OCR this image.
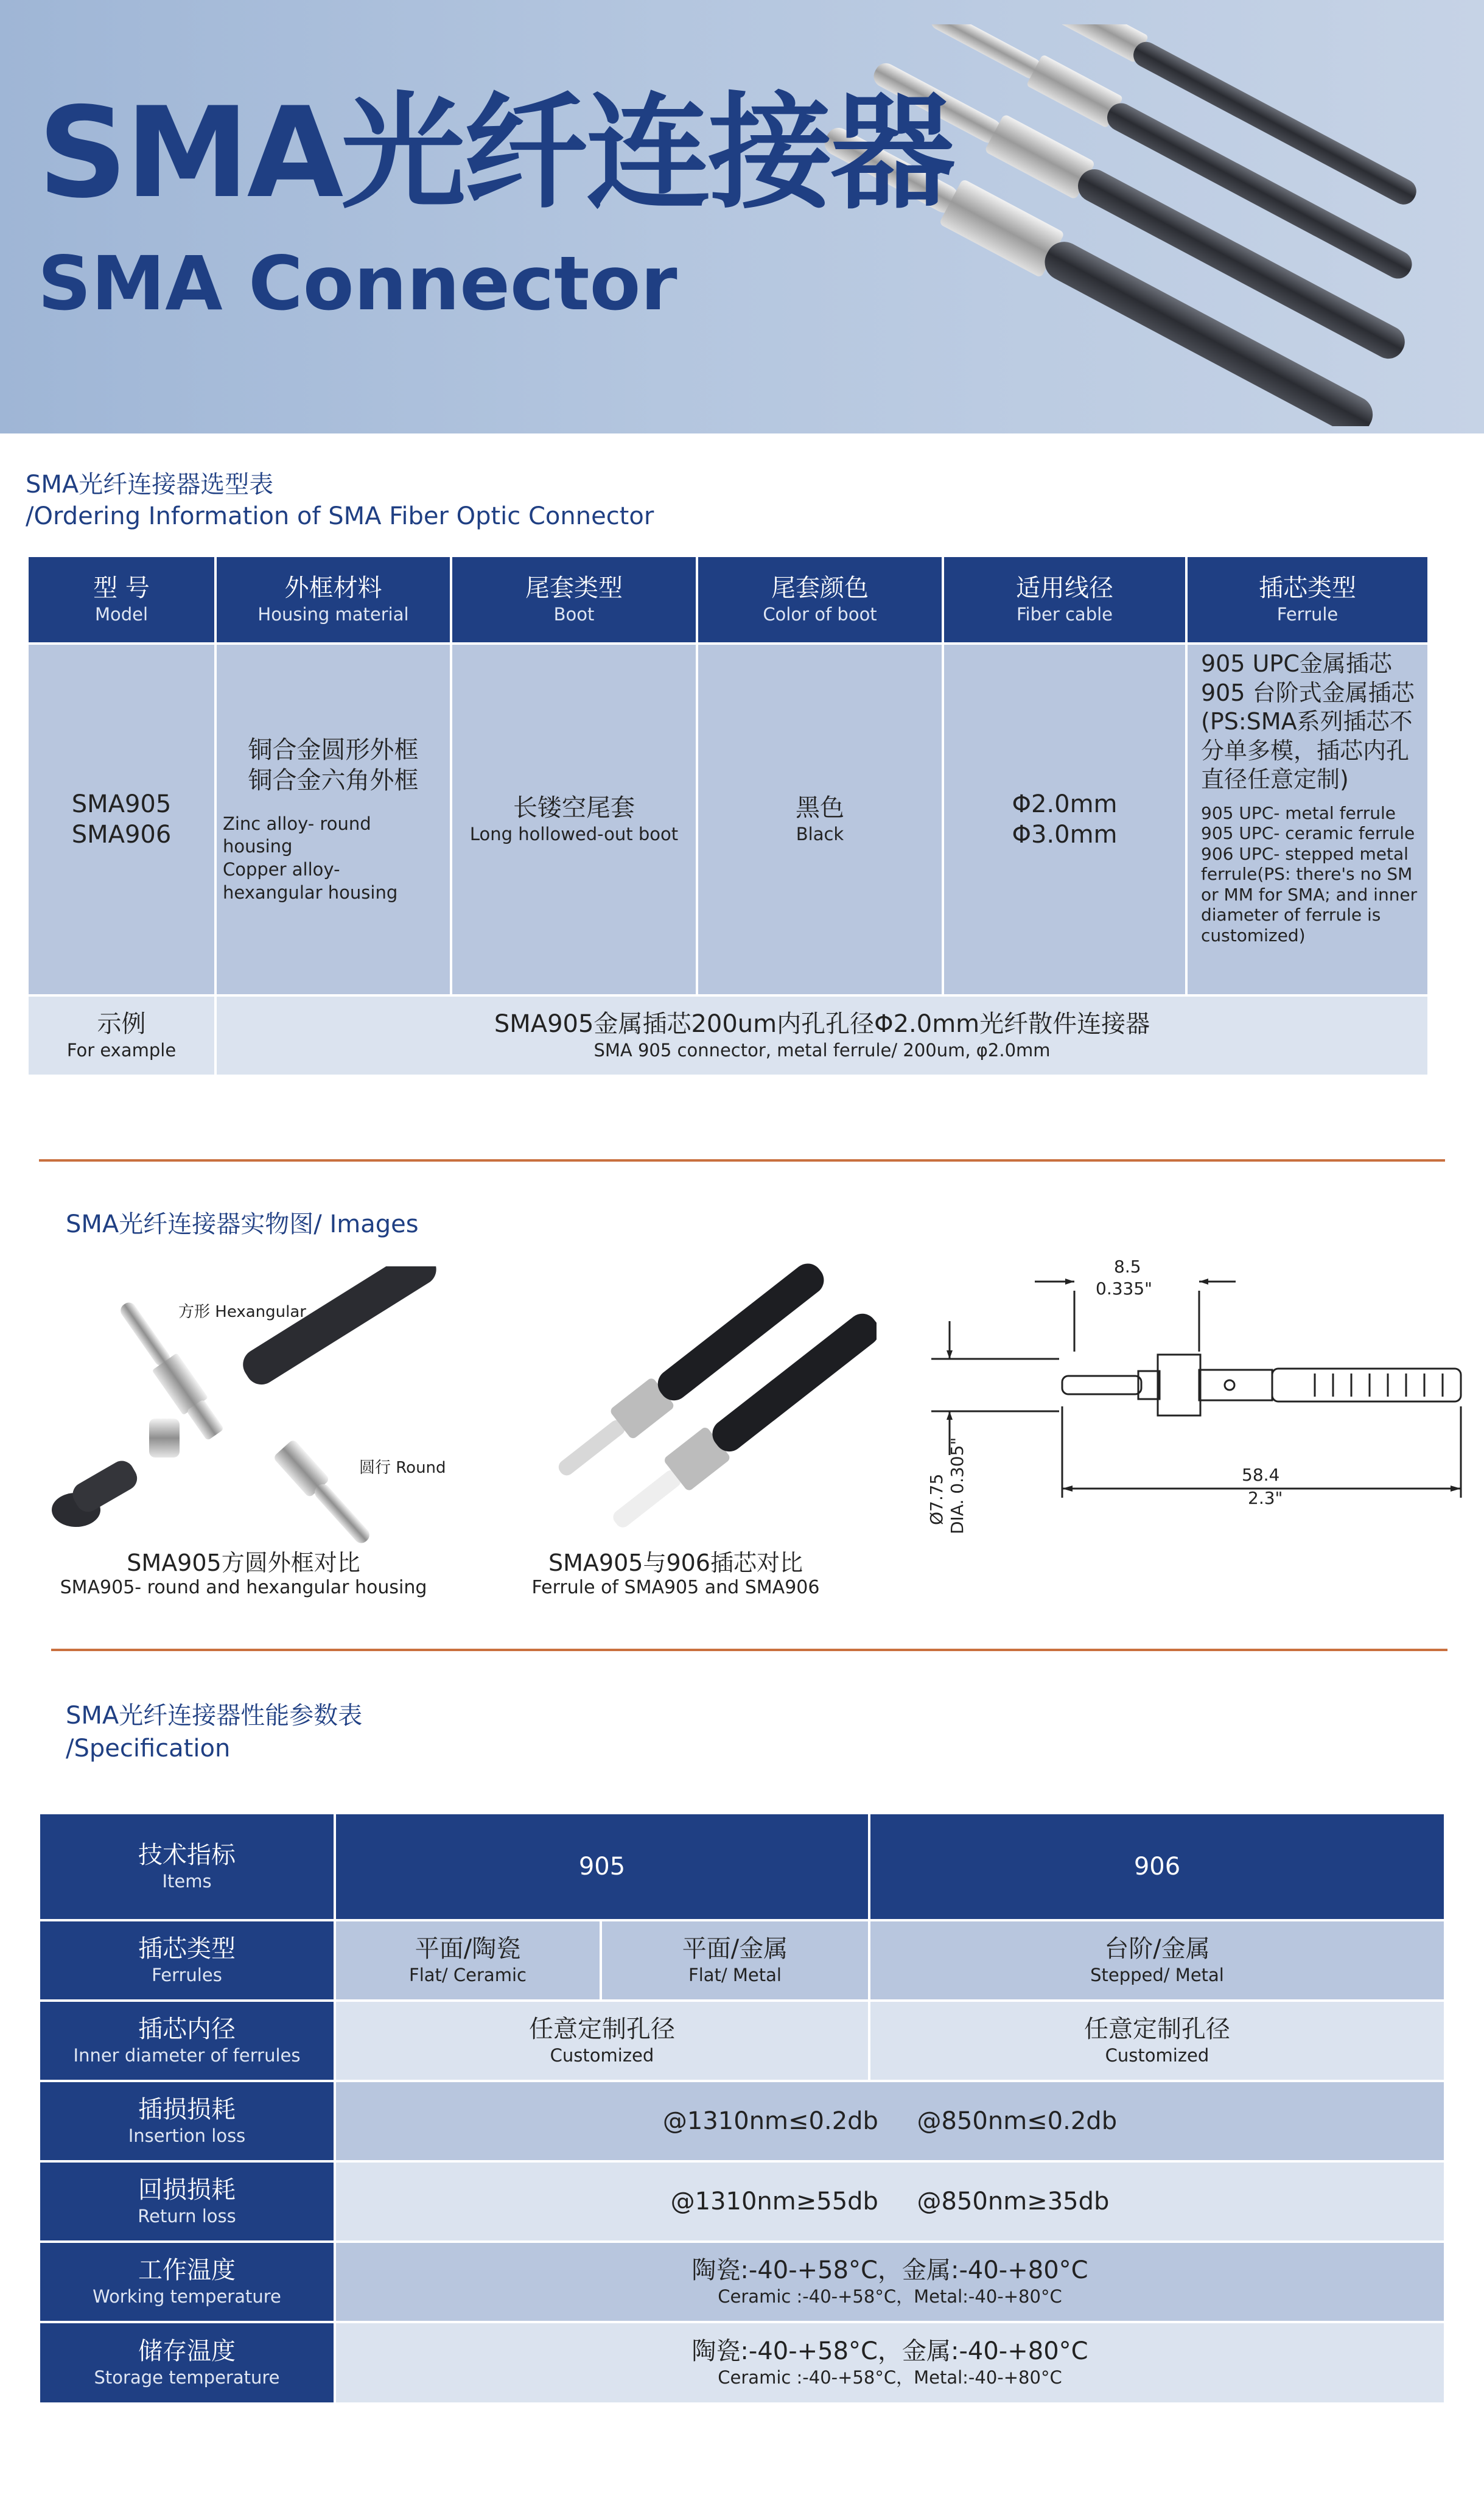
SMA光纤连接器
SMA Connector
SMA光纤连接器选型表
/Ordering Information of SMA Fiber Optic Connector
型 号
Model
外框材料
Housing material
尾套类型
Boot
尾套颜色
Color of boot
适用线径
Fiber cable
插芯类型
Ferrule
SMA905
SMA906
铜合金圆形外框
铜合金六角外框
Zinc alloy- round housing
Copper alloy- hexangular housing
长镂空尾套
Long hollowed-out boot
黑色
Black
Φ2.0mm
Φ3.0mm
905 UPC金属插芯
905 台阶式金属插芯
(PS:SMA系列插芯不分单多模，插芯内孔直径任意定制)
905 UPC- metal ferrule
905 UPC- ceramic ferrule
906 UPC- stepped metal ferrule(PS: there's no SM or MM for SMA; and inner diameter of ferrule is customized)
示例
For example
SMA905金属插芯200um内孔孔径Φ2.0mm光纤散件连接器
SMA 905 connector, metal ferrule/ 200um, φ2.0mm
SMA光纤连接器实物图/ Images
方形 Hexangular
圆行 Round
SMA905方圆外框对比
SMA905- round and hexangular housing
SMA905与906插芯对比
Ferrule of SMA905 and SMA906
8.5
0.335"
58.4
2.3"
Ø7.75 DIA. 0.305"
SMA光纤连接器性能参数表
/Specification
技术指标
Items
插芯类型
Ferrules
插芯内径
Inner diameter of ferrules
插损损耗
Insertion loss
回损损耗
Return loss
工作温度
Working temperature
储存温度
Storage temperature
905	906
平面/陶瓷
Flat/ Ceramic
平面/金属
Flat/ Metal
台阶/金属
Stepped/ Metal
任意定制孔径
Customized
任意定制孔径
Customized
@1310nm≤0.2db     @850nm≤0.2db
@1310nm≥55db     @850nm≥35db
陶瓷:-40-+58°C，金属:-40-+80°C
Ceramic :-40-+58°C，Metal:-40-+80°C
陶瓷:-40-+58°C，金属:-40-+80°C
Ceramic :-40-+58°C，Metal:-40-+80°C
